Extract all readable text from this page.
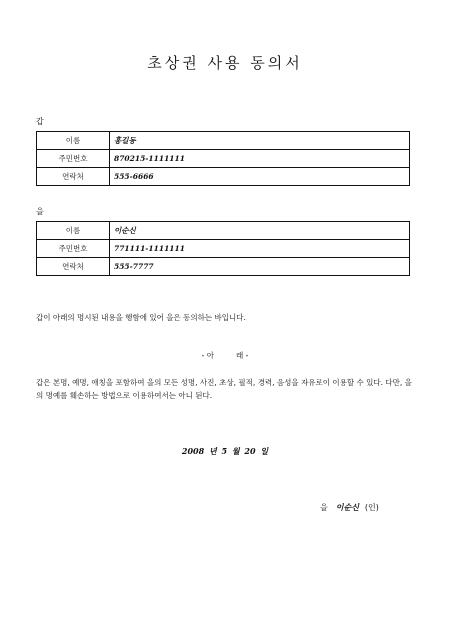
초상권 사용 동의서
갑
이름	홍길동
주민번호	870215-1111111
연락처	555-6666
을
이름	이순신
주민번호	771111-1111111
연락처	555-7777
갑이 아래의 명시된 내용을 행함에 있어 을은 동의하는 바입니다.
- 아	래 -
갑은 본명, 예명, 애칭을 포함하여 을의 모든 성명, 사진, 초상, 필적, 경력, 음성을 자유로이 이용할 수 있다. 다만, 을의 명예를 훼손하는 방법으로 이용하여서는 아니 된다.
2008 년 5 월 20 일
을 이순신 (인)
